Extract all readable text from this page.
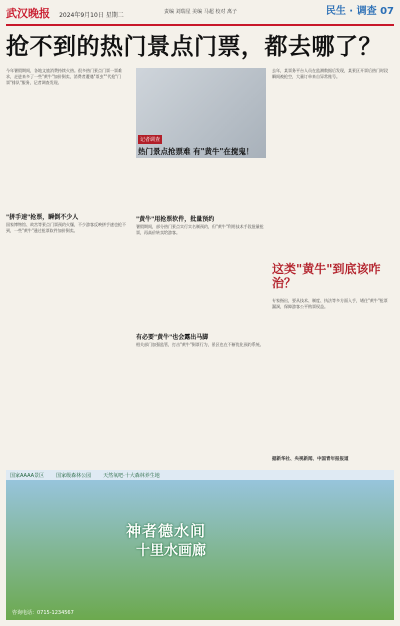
武汉晚报 2024年9月10日 星期二	责编 刘瑞星 美编 马超 校对 离子	民生 · 调查 07
抢不到的热门景点门票，都去哪了？
记者调查
热门景点抢票难 有"黄牛"在搅鬼！

今年暑假期间，各地文旅消费持续火热。很多热门景点门票一票难求，走进来多了一些"黄牛"加价倒卖，消费者遭遇"票虫""代抢"门票"排队"服务，记者调查发现。

"拼手速"抢票，瞬倒不少人

国家博物馆、故宫等景点门票预约火爆，不少游客反映拼手速也抢不到，一些"黄牛"通过抢票软件加价倒卖。

"黄牛"用抢票软件，批量预约

暑假期间，部分热门景点实行实名制预约，但"黄牛"利用技术手段批量抢票，再高价转卖给游客。

有必要"黄牛"也会露出马脚

相关部门加强监管，打击"黄牛"倒票行为，景区也在不断优化预约系统。

去年，某票务平台人员在监测数据后发现，某景区开票后热门时段瞬间被抢空，大量订单来自异常账号。

这类"黄牛"到底该咋治？

专家指出，要从技术、制度、执法等多方面入手，堵住"黄牛"抢票漏洞，保障游客公平购票权益。

据新华社、央视新闻、中国青年报报道
国家AAAA景区	国家级森林公园	天然氧吧·十大森林养生地
神者德水间
十里水画廊
咨询电话：0715-1234567
